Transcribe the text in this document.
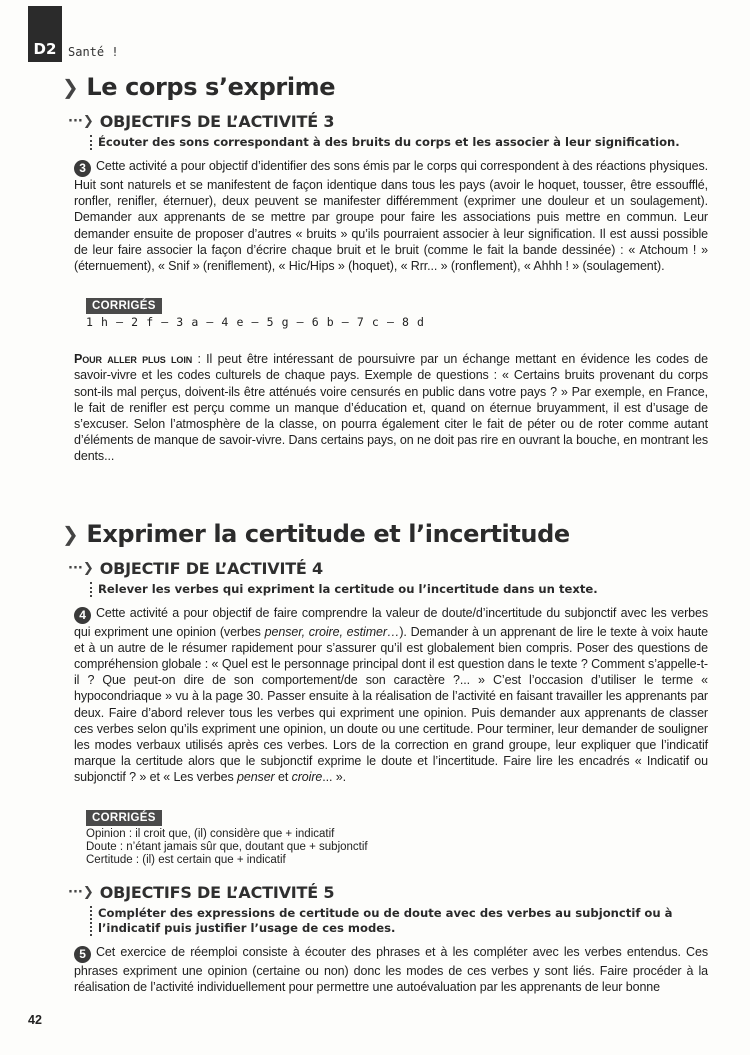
D2 Santé !
❯ Le corps s’exprime
···❯ OBJECTIFS DE L’ACTIVITÉ 3
Écouter des sons correspondant à des bruits du corps et les associer à leur signification.

3 Cette activité a pour objectif d’identifier des sons émis par le corps qui correspondent à des réactions physiques. Huit sont naturels et se manifestent de façon identique dans tous les pays (avoir le hoquet, tousser, être essoufflé, ronfler, renifler, éternuer), deux peuvent se manifester différemment (exprimer une douleur et un soulagement). Demander aux apprenants de se mettre par groupe pour faire les associations puis mettre en commun. Leur demander ensuite de proposer d’autres « bruits » qu’ils pourraient associer à leur signification. Il est aussi possible de leur faire associer la façon d’écrire chaque bruit et le bruit (comme le fait la bande dessinée) : « Atchoum ! » (éternuement), « Snif » (reniflement), « Hic/Hips » (hoquet), « Rrr... » (ronflement), « Ahhh ! » (soulagement).

CORRIGÉS
1 h – 2 f – 3 a – 4 e – 5 g – 6 b – 7 c – 8 d

Pour aller plus loin : Il peut être intéressant de poursuivre par un échange mettant en évidence les codes de savoir-vivre et les codes culturels de chaque pays. Exemple de questions : « Certains bruits provenant du corps sont-ils mal perçus, doivent-ils être atténués voire censurés en public dans votre pays ? » Par exemple, en France, le fait de renifler est perçu comme un manque d’éducation et, quand on éternue bruyamment, il est d’usage de s’excuser. Selon l’atmosphère de la classe, on pourra également citer le fait de péter ou de roter comme autant d’éléments de manque de savoir-vivre. Dans certains pays, on ne doit pas rire en ouvrant la bouche, en montrant les dents...

❯ Exprimer la certitude et l’incertitude
···❯ OBJECTIF DE L’ACTIVITÉ 4
Relever les verbes qui expriment la certitude ou l’incertitude dans un texte.

4 Cette activité a pour objectif de faire comprendre la valeur de doute/d’incertitude du subjonctif avec les verbes qui expriment une opinion (verbes penser, croire, estimer…). Demander à un apprenant de lire le texte à voix haute et à un autre de le résumer rapidement pour s’assurer qu’il est globalement bien compris. Poser des questions de compréhension globale : « Quel est le personnage principal dont il est question dans le texte ? Comment s’appelle-t-il ? Que peut-on dire de son comportement/de son caractère ?... » C’est l’occasion d’utiliser le terme « hypocondriaque » vu à la page 30. Passer ensuite à la réalisation de l’activité en faisant travailler les apprenants par deux. Faire d’abord relever tous les verbes qui expriment une opinion. Puis demander aux apprenants de classer ces verbes selon qu’ils expriment une opinion, un doute ou une certitude. Pour terminer, leur demander de souligner les modes verbaux utilisés après ces verbes. Lors de la correction en grand groupe, leur expliquer que l’indicatif marque la certitude alors que le subjonctif exprime le doute et l’incertitude. Faire lire les encadrés « Indicatif ou subjonctif ? » et « Les verbes penser et croire... ».

CORRIGÉS
Opinion : il croit que, (il) considère que + indicatif
Doute : n’étant jamais sûr que, doutant que + subjonctif
Certitude : (il) est certain que + indicatif
···❯ OBJECTIFS DE L’ACTIVITÉ 5
Compléter des expressions de certitude ou de doute avec des verbes au subjonctif ou à l’indicatif puis justifier l’usage de ces modes.

5 Cet exercice de réemploi consiste à écouter des phrases et à les compléter avec les verbes entendus. Ces phrases expriment une opinion (certaine ou non) donc les modes de ces verbes y sont liés. Faire procéder à la réalisation de l’activité individuellement pour permettre une autoévaluation par les apprenants de leur bonne

42
